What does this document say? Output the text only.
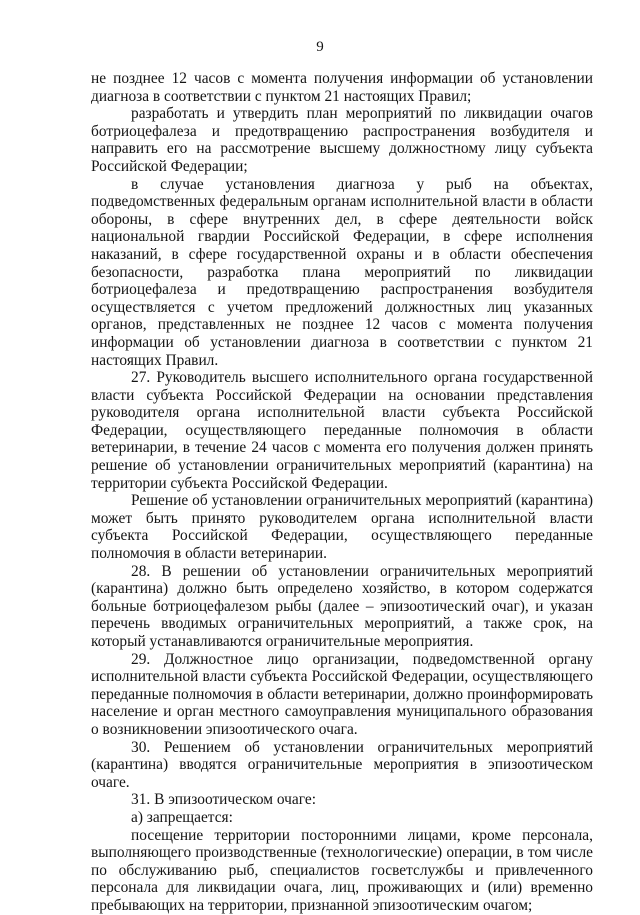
9

не позднее 12 часов с момента получения информации об установлении диагноза в соответствии с пунктом 21 настоящих Правил;

разработать и утвердить план мероприятий по ликвидации очагов ботриоцефалеза и предотвращению распространения возбудителя и направить его на рассмотрение высшему должностному лицу субъекта Российской Федерации;

в случае установления диагноза у рыб на объектах, подведомственных федеральным органам исполнительной власти в области обороны, в сфере внутренних дел, в сфере деятельности войск национальной гвардии Российской Федерации, в сфере исполнения наказаний, в сфере государственной охраны и в области обеспечения безопасности, разработка плана мероприятий по ликвидации ботриоцефалеза и предотвращению распространения возбудителя осуществляется с учетом предложений должностных лиц указанных органов, представленных не позднее 12 часов с момента получения информации об установлении диагноза в соответствии с пунктом 21 настоящих Правил.

27. Руководитель высшего исполнительного органа государственной власти субъекта Российской Федерации на основании представления руководителя органа исполнительной власти субъекта Российской Федерации, осуществляющего переданные полномочия в области ветеринарии, в течение 24 часов с момента его получения должен принять решение об установлении ограничительных мероприятий (карантина) на территории субъекта Российской Федерации.

Решение об установлении ограничительных мероприятий (карантина) может быть принято руководителем органа исполнительной власти субъекта Российской Федерации, осуществляющего переданные полномочия в области ветеринарии.

28. В решении об установлении ограничительных мероприятий (карантина) должно быть определено хозяйство, в котором содержатся больные ботриоцефалезом рыбы (далее – эпизоотический очаг), и указан перечень вводимых ограничительных мероприятий, а также срок, на который устанавливаются ограничительные мероприятия.

29. Должностное лицо организации, подведомственной органу исполнительной власти субъекта Российской Федерации, осуществляющего переданные полномочия в области ветеринарии, должно проинформировать население и орган местного самоуправления муниципального образования о возникновении эпизоотического очага.

30. Решением об установлении ограничительных мероприятий (карантина) вводятся ограничительные мероприятия в эпизоотическом очаге.

31. В эпизоотическом очаге:

а) запрещается:

посещение территории посторонними лицами, кроме персонала, выполняющего производственные (технологические) операции, в том числе по обслуживанию рыб, специалистов госветслужбы и привлеченного персонала для ликвидации очага, лиц, проживающих и (или) временно пребывающих на территории, признанной эпизоотическим очагом;
